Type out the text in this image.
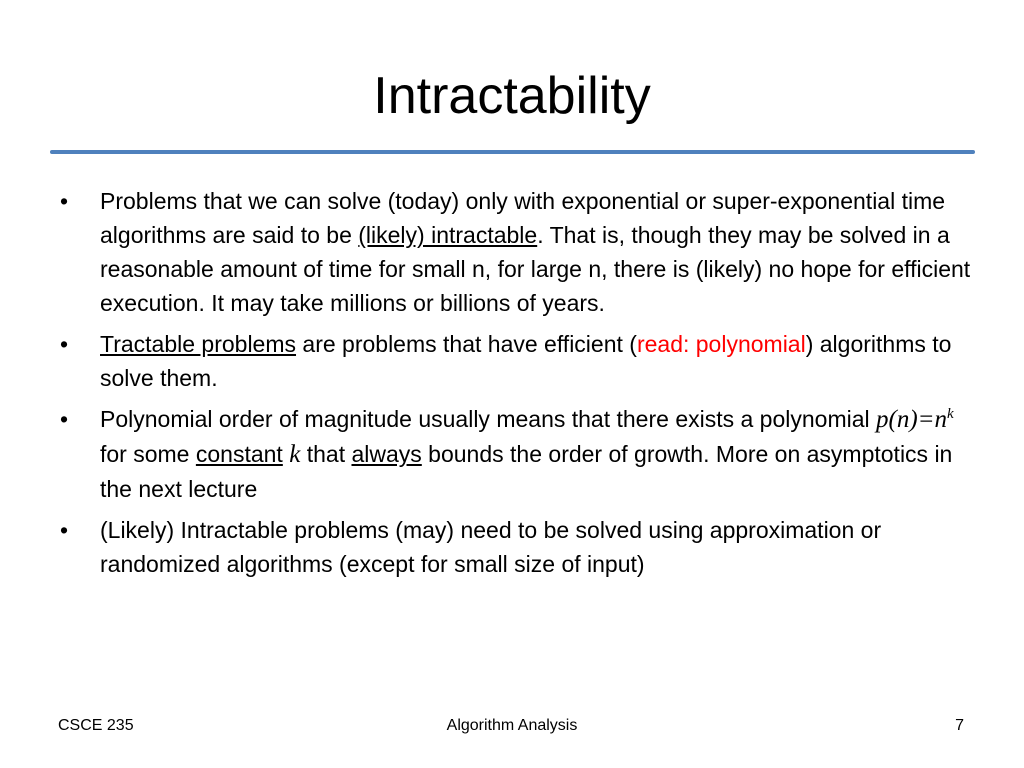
Intractability
• Problems that we can solve (today) only with exponential or super-exponential time algorithms are said to be (likely) intractable. That is, though they may be solved in a reasonable amount of time for small n, for large n, there is (likely) no hope for efficient execution. It may take millions or billions of years.
• Tractable problems are problems that have efficient (read: polynomial) algorithms to solve them.
• Polynomial order of magnitude usually means that there exists a polynomial $p(n)=n^k$ for some constant k that always bounds the order of growth. More on asymptotics in the next lecture
• (Likely) Intractable problems (may) need to be solved using approximation or randomized algorithms (except for small size of input)
CSCE 235	Algorithm Analysis	7
